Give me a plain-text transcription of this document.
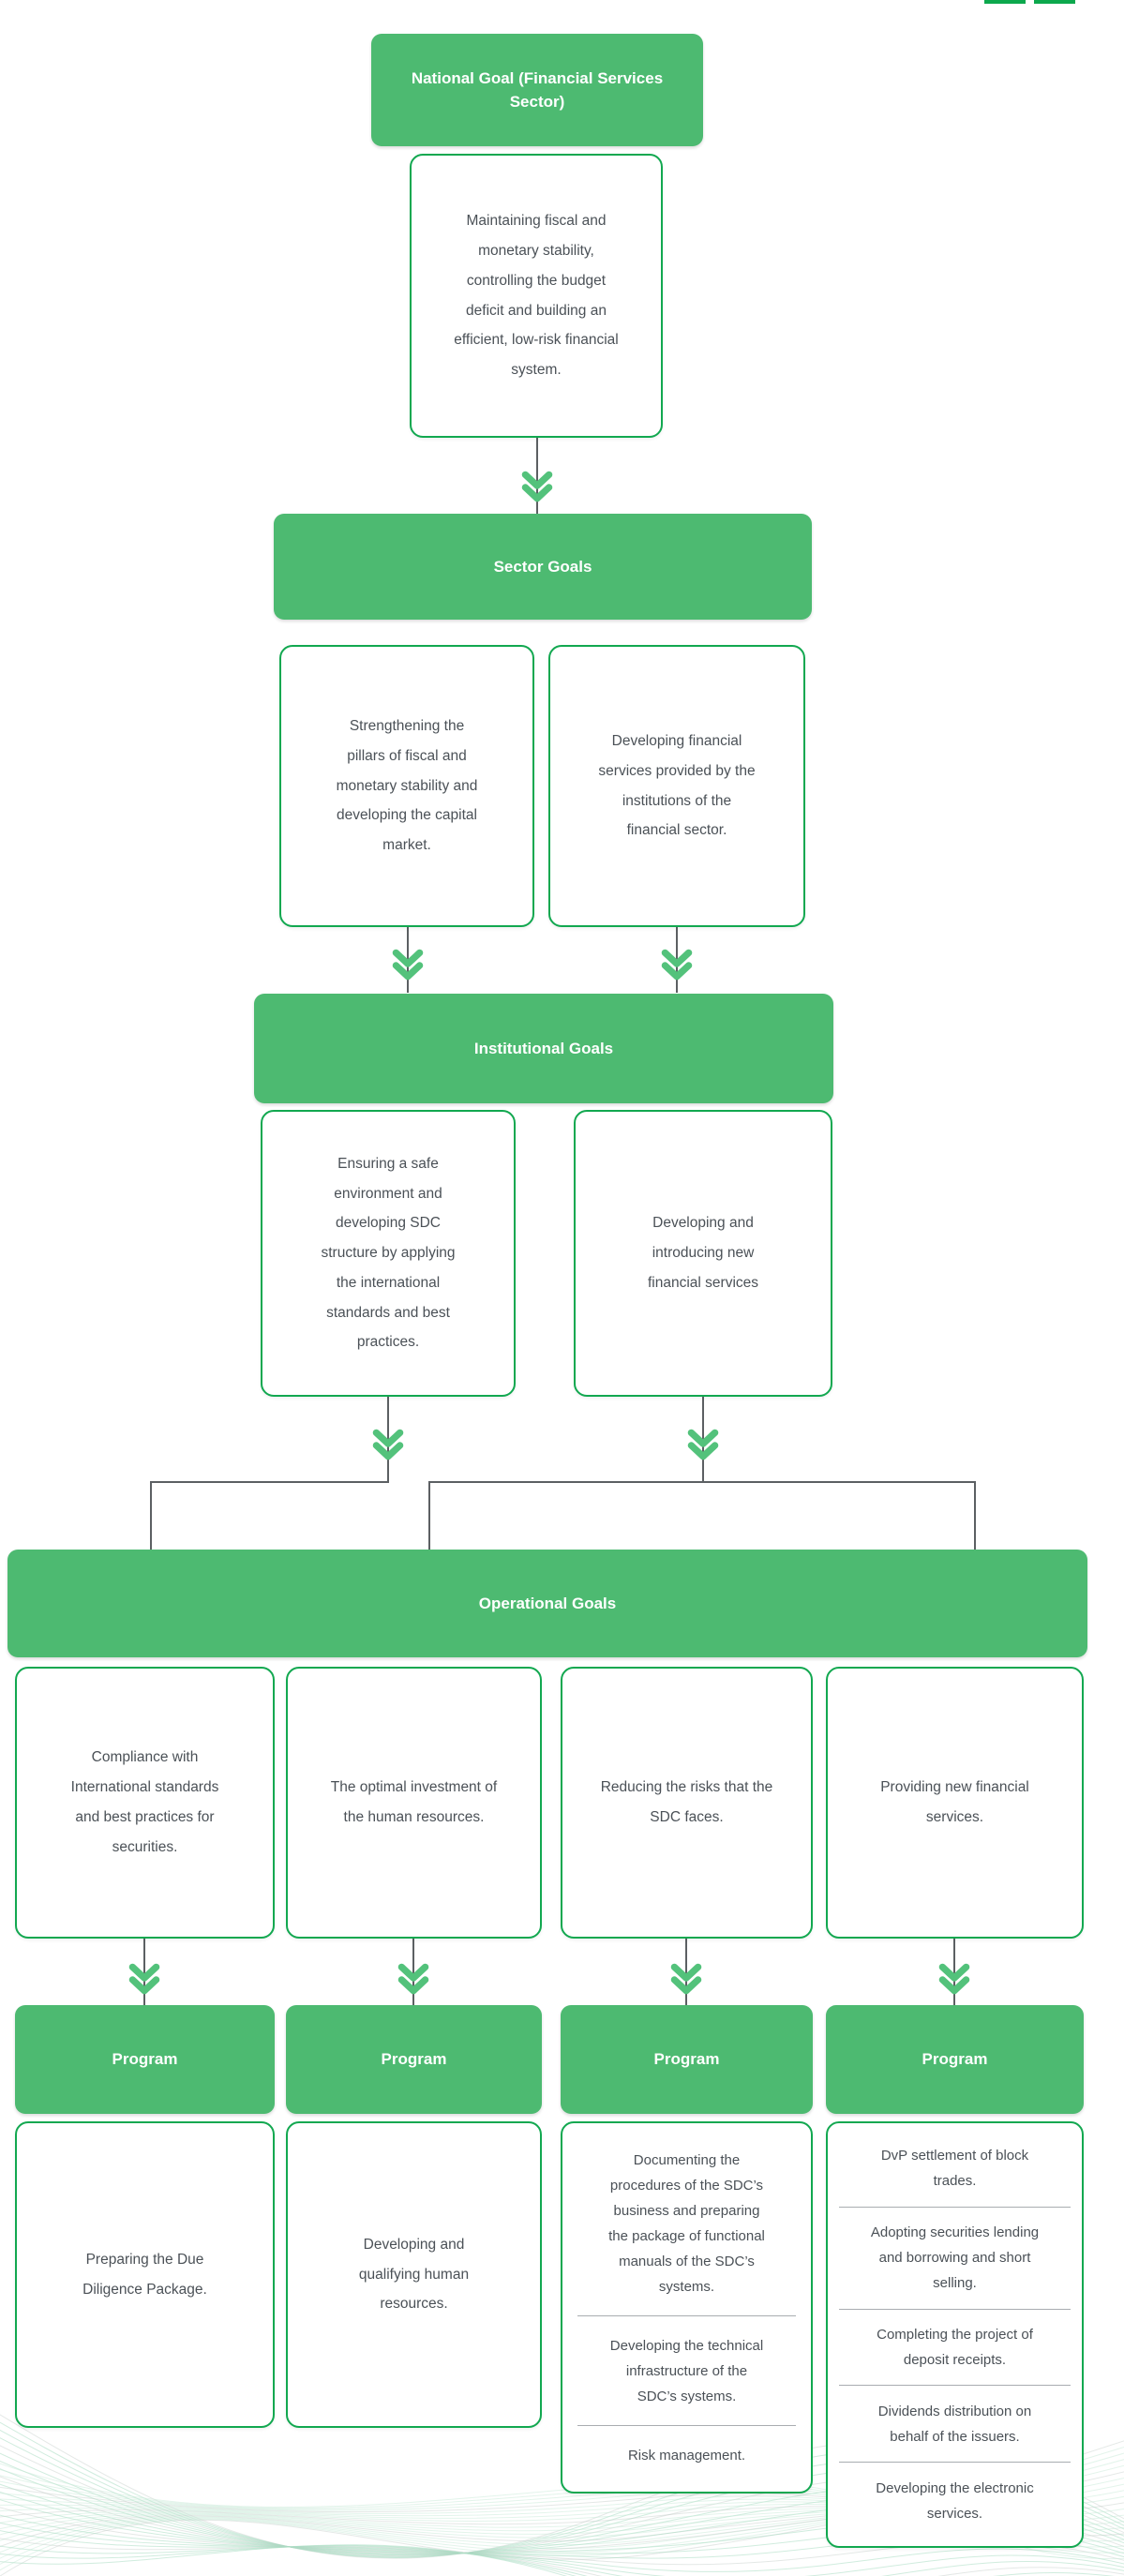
National Goal (Financial Services Sector)
Maintaining fiscal and monetary stability, controlling the budget deficit and building an efficient, low-risk financial system.
Sector Goals
Strengthening the pillars of fiscal and monetary stability and developing the capital market.
Developing financial services provided by the institutions of the financial sector.
Institutional Goals
Ensuring a safe environment and developing SDC structure by applying the international standards and best practices.
Developing and introducing new financial services
Operational Goals
Compliance with International standards and best practices for securities.
The optimal investment of the human resources.
Reducing the risks that the SDC faces.
Providing new financial services.
Program	Program	Program	Program
Preparing the Due Diligence Package.
Developing and qualifying human resources.
Documenting the procedures of the SDC’s business and preparing the package of functional manuals of the SDC’s systems.
Developing the technical infrastructure of the SDC’s systems.
Risk management.
DvP settlement of block trades.
Adopting securities lending and borrowing and short selling.
Completing the project of deposit receipts.
Dividends distribution on behalf of the issuers.
Developing the electronic services.
